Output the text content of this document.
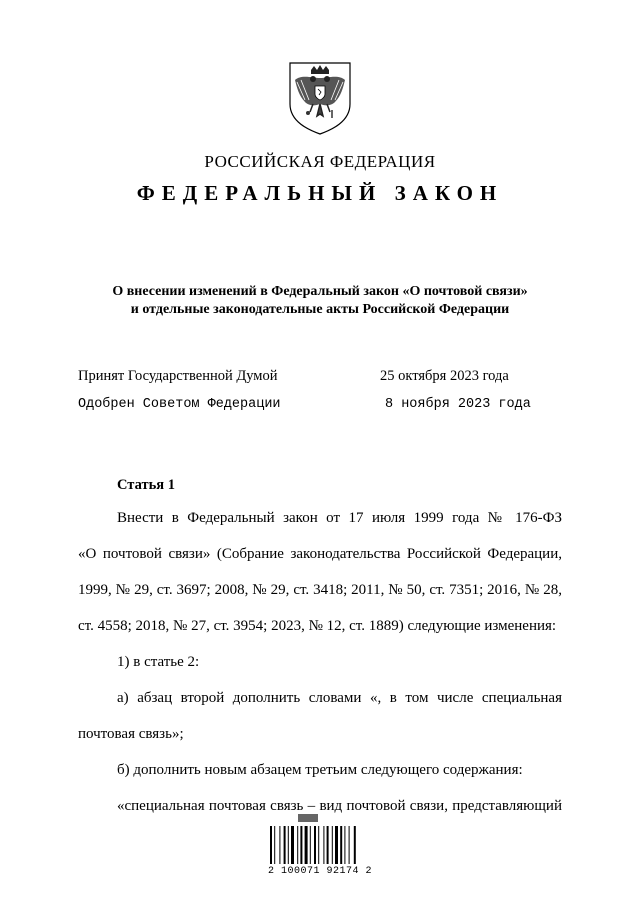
РОССИЙСКАЯ ФЕДЕРАЦИЯ
ФЕДЕРАЛЬНЫЙ ЗАКОН
О внесении изменений в Федеральный закон «О почтовой связи»
и отдельные законодательные акты Российской Федерации
Принят Государственной Думой	25 октября 2023 года
Одобрен Советом Федерации	8 ноября 2023 года
Статья 1
Внести в Федеральный закон от 17 июля 1999 года № 176-ФЗ
«О почтовой связи» (Собрание законодательства Российской Федерации,
1999, № 29, ст. 3697; 2008, № 29, ст. 3418; 2011, № 50, ст. 7351; 2016, № 28,
ст. 4558; 2018, № 27, ст. 3954; 2023, № 12, ст. 1889) следующие изменения:
1) в статье 2:
а) абзац второй дополнить словами «, в том числе специальная
почтовая связь»;
б) дополнить новым абзацем третьим следующего содержания:
«специальная почтовая связь – вид почтовой связи, представляющий
2 100071 92174 2
